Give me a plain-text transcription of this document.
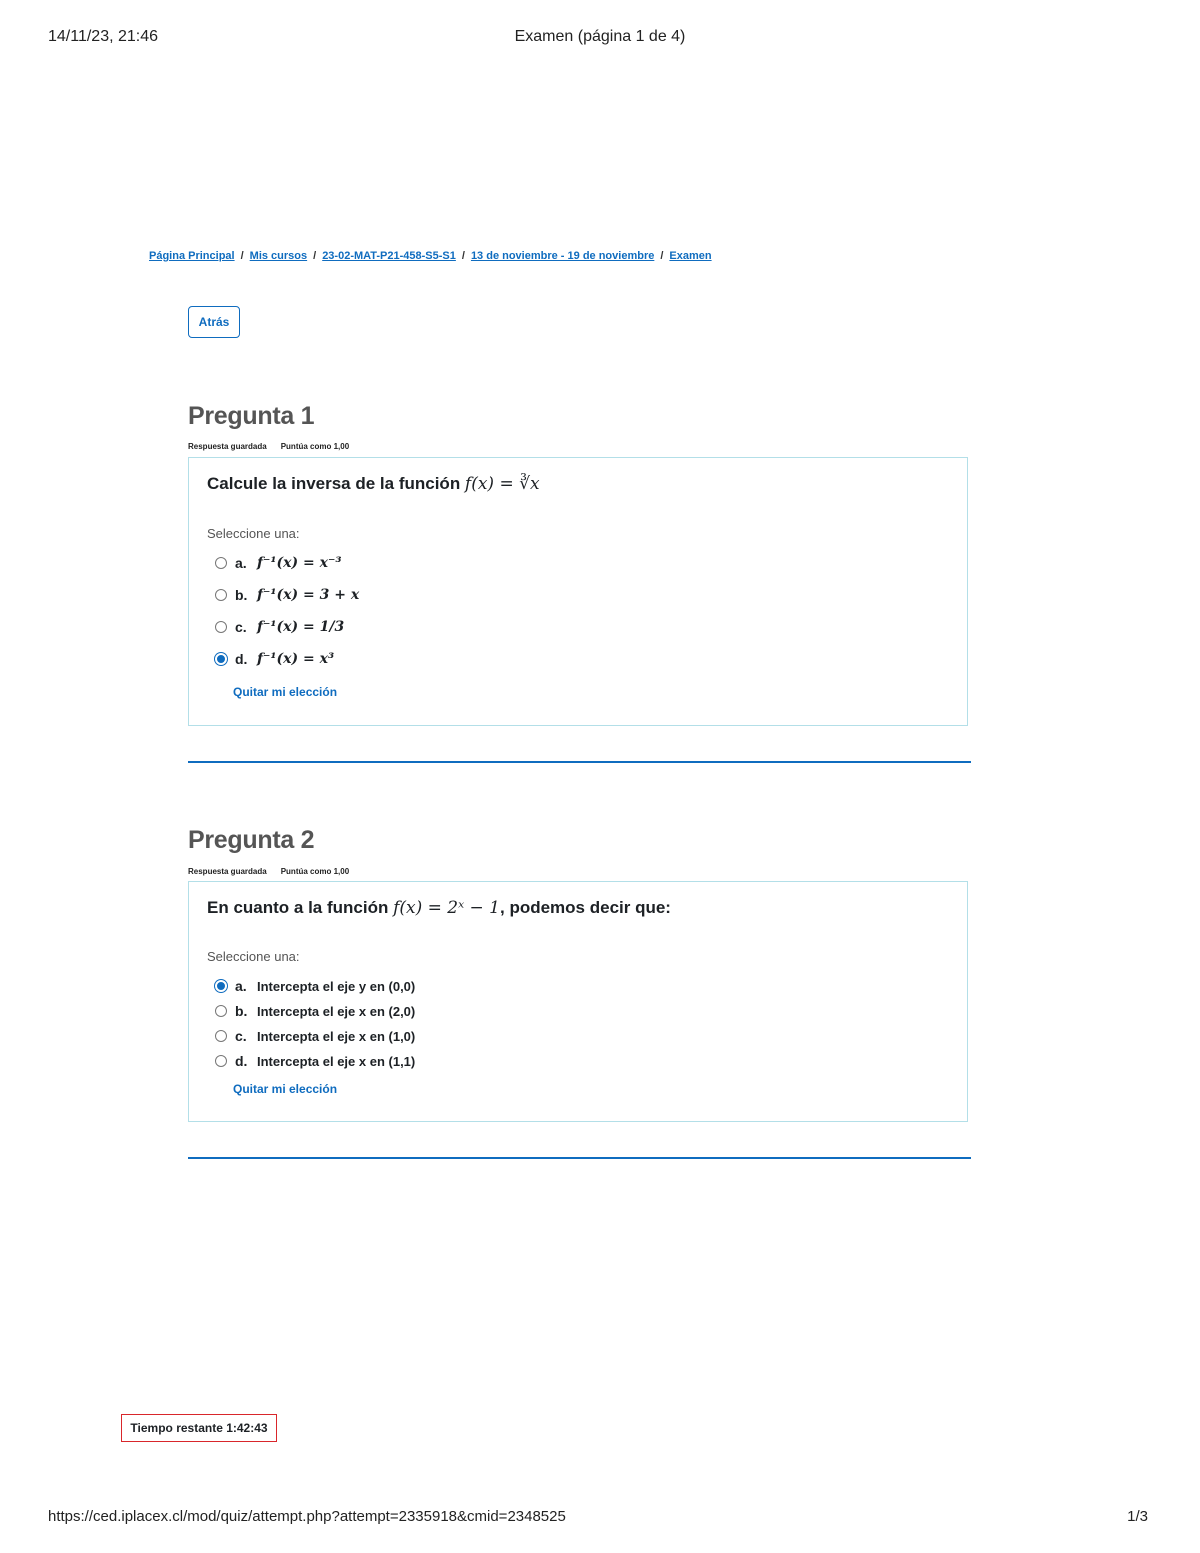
14/11/23, 21:46	Examen (página 1 de 4)
Página Principal / Mis cursos / 23-02-MAT-P21-458-S5-S1 / 13 de noviembre - 19 de noviembre / Examen
Atrás
Pregunta 1
Respuesta guardada Puntúa como 1,00
Calcule la inversa de la función f(x) = ∛x
Seleccione una:
a. f⁻¹(x) = x⁻³
b. f⁻¹(x) = 3 + x
c. f⁻¹(x) = 1/3
d. f⁻¹(x) = x³
Quitar mi elección
Pregunta 2
Respuesta guardada Puntúa como 1,00
En cuanto a la función f(x) = 2ˣ − 1, podemos decir que:
Seleccione una:
a. Intercepta el eje y en (0,0)
b. Intercepta el eje x en (2,0)
c. Intercepta el eje x en (1,0)
d. Intercepta el eje x en (1,1)
Quitar mi elección
Tiempo restante 1:42:43
https://ced.iplacex.cl/mod/quiz/attempt.php?attempt=2335918&cmid=2348525	1/3
